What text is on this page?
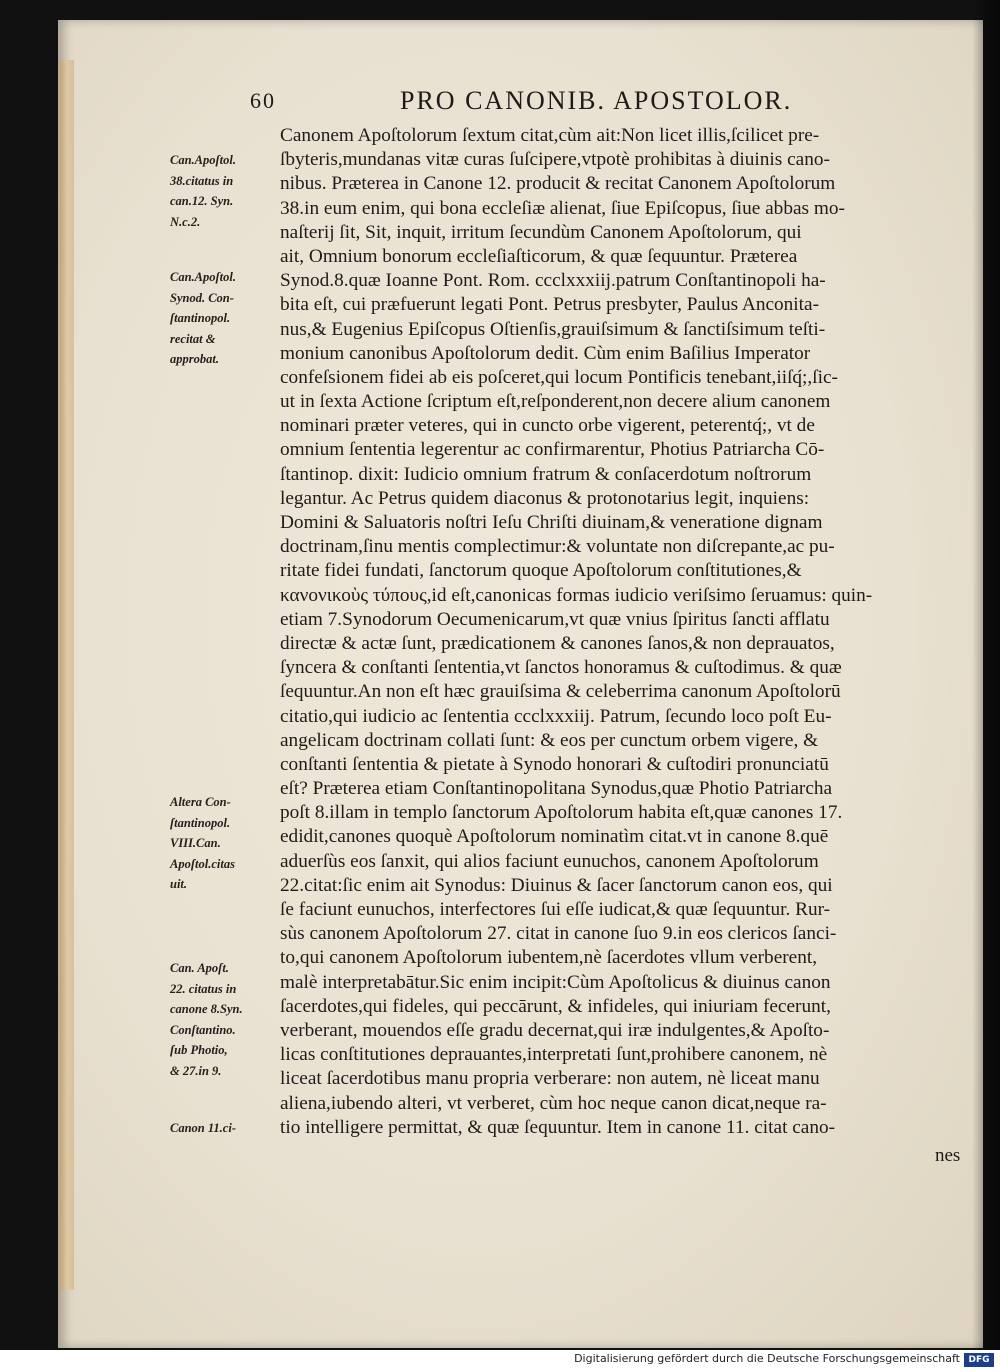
60	PRO CANONIB. APOSTOLOR.
Can.Apoſtol.
38.citatus in
can.12. Syn.
N.c.2.
Can.Apoſtol.
Synod. Con-
ſtantinopol.
recitat &
approbat.
Altera Con-
ſtantinopol.
VIII.Can.
Apoſtol.citas
uit.
Can. Apoſt.
22. citatus in
canone 8.Syn.
Conſtantino.
ſub Photio,
& 27.in 9.
Canon 11.ci-
Canonem Apoſtolorum ſextum citat,cùm ait:Non licet illis,ſcilicet pre-
ſbyteris,mundanas vitæ curas ſuſcipere,vtpotè prohibitas à diuinis cano-
nibus. Præterea in Canone 12. producit & recitat Canonem Apoſtolorum
38.in eum enim, qui bona eccleſiæ alienat, ſiue Epiſcopus, ſiue abbas mo-
naſterij ſit, Sit, inquit, irritum ſecundùm Canonem Apoſtolorum, qui
ait, Omnium bonorum eccleſiaſticorum, & quæ ſequuntur. Præterea
Synod.8.quæ Ioanne Pont. Rom. ccclxxxiij.patrum Conſtantinopoli ha-
bita eſt, cui præfuerunt legati Pont. Petrus presbyter, Paulus Anconita-
nus,& Eugenius Epiſcopus Oſtienſis,grauiſsimum & ſanctiſsimum teſti-
monium canonibus Apoſtolorum dedit. Cùm enim Baſilius Imperator
confeſsionem fidei ab eis poſceret,qui locum Pontificis tenebant,iiſq́;,ſic-
ut in ſexta Actione ſcriptum eſt,reſponderent,non decere alium canonem
nominari præter veteres, qui in cuncto orbe vigerent, peterentq́;, vt de
omnium ſententia legerentur ac confirmarentur, Photius Patriarcha Cō-
ſtantinop. dixit: Iudicio omnium fratrum & conſacerdotum noſtrorum
legantur. Ac Petrus quidem diaconus & protonotarius legit, inquiens:
Domini & Saluatoris noſtri Ieſu Chriſti diuinam,& veneratione dignam
doctrinam,ſinu mentis complectimur:& voluntate non diſcrepante,ac pu-
ritate fidei fundati, ſanctorum quoque Apoſtolorum conſtitutiones,&
κανονικοὺς τύπους,id eſt,canonicas formas iudicio veriſsimo ſeruamus: quin-
etiam 7.Synodorum Oecumenicarum,vt quæ vnius ſpiritus ſancti afflatu
directæ & actæ ſunt, prædicationem & canones ſanos,& non deprauatos,
ſyncera & conſtanti ſententia,vt ſanctos honoramus & cuſtodimus. & quæ
ſequuntur.An non eſt hæc grauiſsima & celeberrima canonum Apoſtolorū
citatio,qui iudicio ac ſententia ccclxxxiij. Patrum, ſecundo loco poſt Eu-
angelicam doctrinam collati ſunt: & eos per cunctum orbem vigere, &
conſtanti ſententia & pietate à Synodo honorari & cuſtodiri pronunciatū
eſt? Præterea etiam Conſtantinopolitana Synodus,quæ Photio Patriarcha
poſt 8.illam in templo ſanctorum Apoſtolorum habita eſt,quæ canones 17.
edidit,canones quoquè Apoſtolorum nominatìm citat.vt in canone 8.quē
aduerſùs eos ſanxit, qui alios faciunt eunuchos, canonem Apoſtolorum
22.citat:ſic enim ait Synodus: Diuinus & ſacer ſanctorum canon eos, qui
ſe faciunt eunuchos, interfectores ſui eſſe iudicat,& quæ ſequuntur. Rur-
sùs canonem Apoſtolorum 27. citat in canone ſuo 9.in eos clericos ſanci-
to,qui canonem Apoſtolorum iubentem,nè ſacerdotes vllum verberent,
malè interpretabātur.Sic enim incipit:Cùm Apoſtolicus & diuinus canon
ſacerdotes,qui fideles, qui peccārunt, & infideles, qui iniuriam fecerunt,
verberant, mouendos eſſe gradu decernat,qui iræ indulgentes,& Apoſto-
licas conſtitutiones deprauantes,interpretati ſunt,prohibere canonem, nè
liceat ſacerdotibus manu propria verberare: non autem, nè liceat manu
aliena,iubendo alteri, vt verberet, cùm hoc neque canon dicat,neque ra-
tio intelligere permittat, & quæ ſequuntur. Item in canone 11. citat cano-
nes
Digitalisierung gefördert durch die Deutsche Forschungsgemeinschaft DFG
